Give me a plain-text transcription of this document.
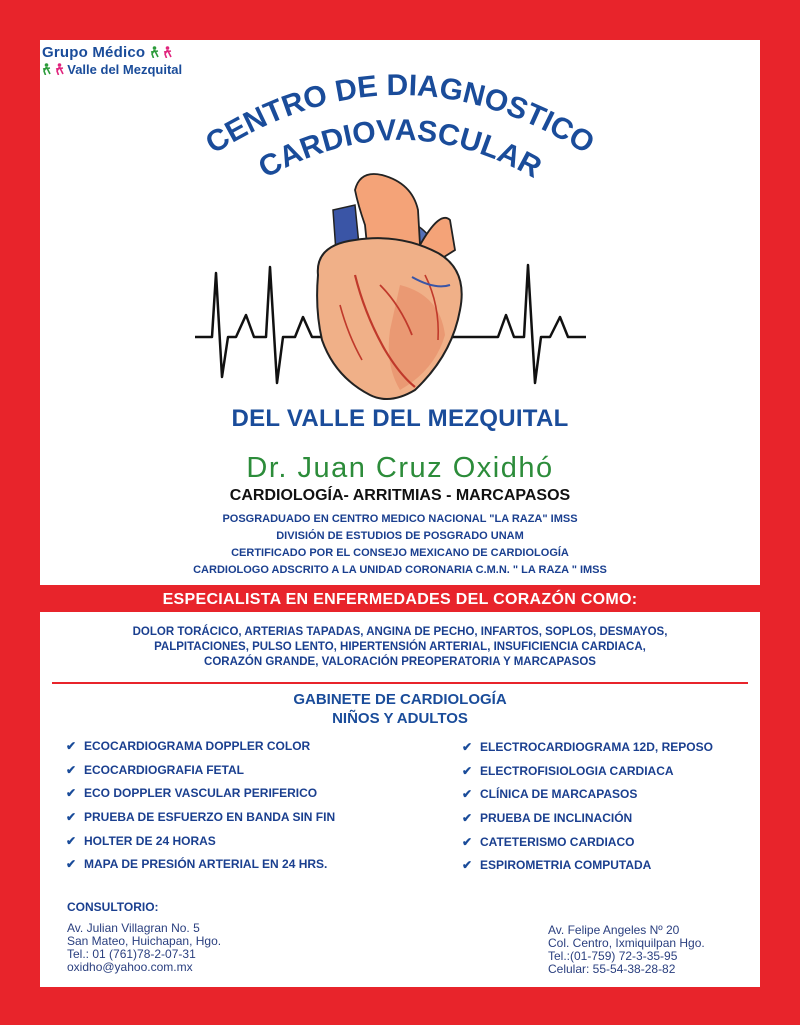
Grupo Médico
Valle del Mezquital
CENTRO DE DIAGNOSTICO
CARDIOVASCULAR
DEL VALLE DEL MEZQUITAL
Dr. Juan Cruz Oxidhó
CARDIOLOGÍA- ARRITMIAS - MARCAPASOS
POSGRADUADO EN CENTRO MEDICO NACIONAL "LA RAZA" IMSS
DIVISIÓN DE ESTUDIOS DE POSGRADO UNAM
CERTIFICADO POR EL CONSEJO MEXICANO DE CARDIOLOGÍA
CARDIOLOGO ADSCRITO A LA UNIDAD CORONARIA C.M.N. " LA RAZA " IMSS
ESPECIALISTA EN ENFERMEDADES DEL CORAZÓN COMO:
DOLOR TORÁCICO, ARTERIAS TAPADAS, ANGINA DE PECHO, INFARTOS, SOPLOS, DESMAYOS,
PALPITACIONES, PULSO LENTO, HIPERTENSIÓN ARTERIAL, INSUFICIENCIA CARDIACA,
CORAZÓN GRANDE, VALORACIÓN PREOPERATORIA Y MARCAPASOS
GABINETE DE CARDIOLOGÍA
NIÑOS Y ADULTOS
✔ ECOCARDIOGRAMA DOPPLER COLOR
✔ ECOCARDIOGRAFIA FETAL
✔ ECO DOPPLER VASCULAR PERIFERICO
✔ PRUEBA DE ESFUERZO EN BANDA SIN FIN
✔ HOLTER DE 24 HORAS
✔ MAPA DE PRESIÓN ARTERIAL EN 24 HRS.
✔ ELECTROCARDIOGRAMA 12D, REPOSO
✔ ELECTROFISIOLOGIA CARDIACA
✔ CLÍNICA DE MARCAPASOS
✔ PRUEBA DE INCLINACIÓN
✔ CATETERISMO CARDIACO
✔ ESPIROMETRIA COMPUTADA
CONSULTORIO:
Av. Julian Villagran No. 5
San Mateo, Huichapan, Hgo.
Tel.: 01 (761)78-2-07-31
oxidho@yahoo.com.mx
Av. Felipe Angeles Nº 20
Col. Centro, Ixmiquilpan Hgo.
Tel.:(01-759) 72-3-35-95
Celular: 55-54-38-28-82
